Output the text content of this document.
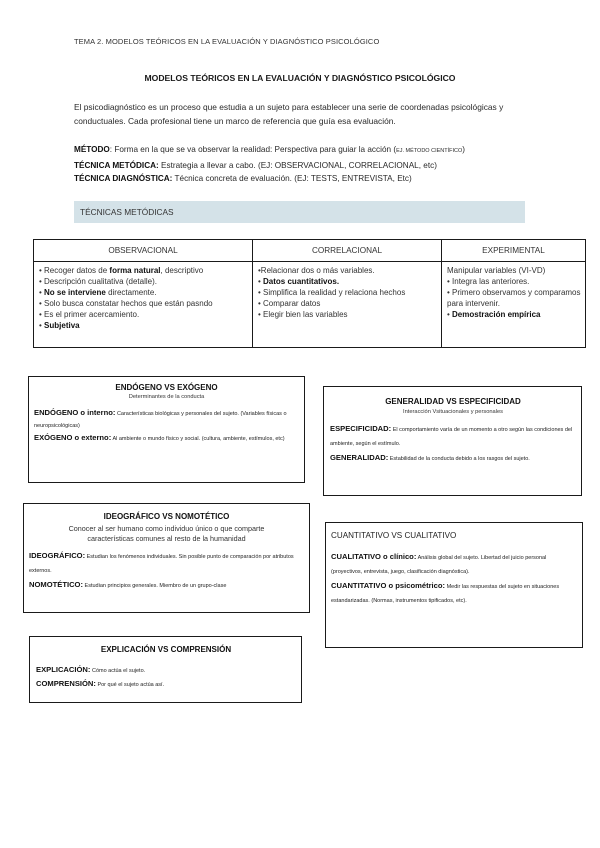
TEMA 2. MODELOS TEÓRICOS EN LA EVALUACIÓN Y DIAGNÓSTICO PSICOLÓGICO
MODELOS TEÓRICOS EN LA EVALUACIÓN Y DIAGNÓSTICO PSICOLÓGICO

El psicodiagnóstico es un proceso que estudia a un sujeto para establecer una serie de coordenadas psicológicas y conductuales. Cada profesional tiene un marco de referencia que guía esa evaluación.

MÉTODO: Forma en la que se va observar la realidad: Perspectiva para guiar la acción (EJ. MÉTODO CIENTÍFICO)
TÉCNICA METÓDICA: Estrategia a llevar a cabo. (EJ: OBSERVACIONAL, CORRELACIONAL, etc)
TÉCNICA DIAGNÓSTICA: Técnica concreta de evaluación. (EJ: TESTS, ENTREVISTA, Etc)
TÉCNICAS METÓDICAS
OBSERVACIONAL	CORRELACIONAL	EXPERIMENTAL
• Recoger datos de forma natural, descriptivo
• Descripción cualitativa (detalle).
• No se interviene directamente.
• Solo busca constatar hechos que están pasndo
• Es el primer acercamiento.
• Subjetiva
•Relacionar dos o más variables.
• Datos cuantitativos.
• Simplifica la realidad y relaciona hechos
• Comparar datos
• Elegir bien las variables
Manipular variables (VI-VD)
• Integra las anteriores.
• Primero observamos y comparamos para intervenir.
• Demostración empírica
ENDÓGENO VS EXÓGENO
Determinantes de la conducta
ENDÓGENO o interno: Características biológicas y personales del sujeto. (Variables físicas o neuropsicológicas)
EXÓGENO o externo: Al ambiente o mundo físico y social. (cultura, ambiente, estímulos, etc)
GENERALIDAD VS ESPECIFICIDAD
Interacción Vsituacionales y personales
ESPECIFICIDAD: El comportamiento varía de un momento a otro según las condiciones del ambiente, según el estímulo.
GENERALIDAD: Estabilidad de la conducta debido a los rasgos del sujeto.
IDEOGRÁFICO VS NOMOTÉTICO
Conocer al ser humano como individuo único o que comparte características comunes al resto de la humanidad
IDEOGRÁFICO: Estudian los fenómenos individuales. Sin posible punto de comparación por atributos externos.
NOMOTÉTICO: Estudian principios generales. Miembro de un grupo-clase
CUANTITATIVO VS CUALITATIVO
CUALITATIVO o clínico: Análisis global del sujeto. Libertad del juicio personal (proyectivos, entrevista, juego, clasificación diagnóstica).
CUANTITATIVO o psicométrico: Medir las respuestas del sujeto en situaciones estandarizadas. (Normas, instrumentos tipificados, etc).
EXPLICACIÓN VS COMPRENSIÓN
EXPLICACIÓN: Cómo actúa el sujeto.
COMPRENSIÓN: Por qué el sujeto actúa así.
